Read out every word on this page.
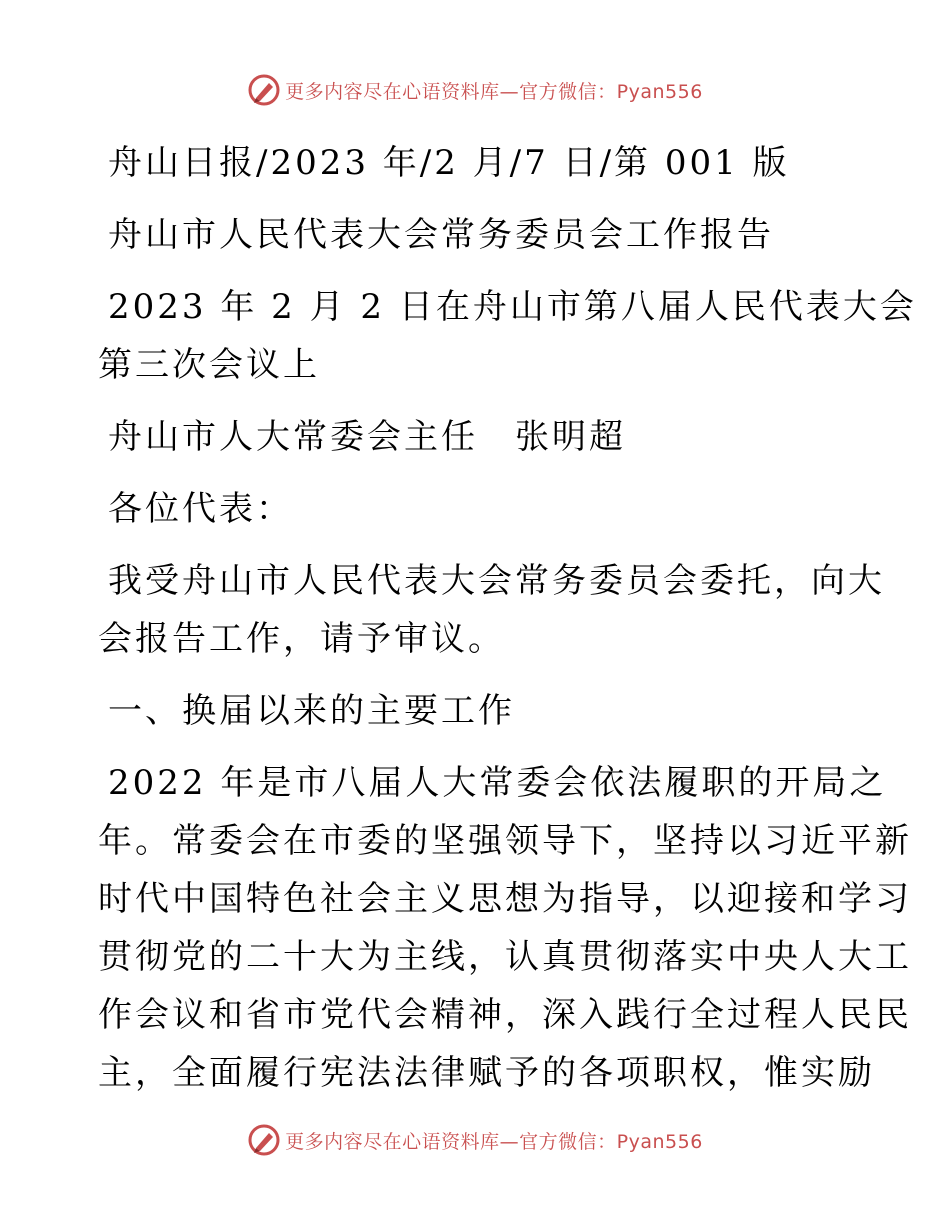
更多内容尽在心语资料库—官方微信：Pyan556

舟山日报/2023 年/2 月/7 日/第 001 版

舟山市人民代表大会常务委员会工作报告

2023 年 2 月 2 日在舟山市第八届人民代表大会

第三次会议上

舟山市人大常委会主任　张明超

各位代表：

我受舟山市人民代表大会常务委员会委托，向大

会报告工作，请予审议。

一、换届以来的主要工作

2022 年是市八届人大常委会依法履职的开局之

年。常委会在市委的坚强领导下，坚持以习近平新

时代中国特色社会主义思想为指导，以迎接和学习

贯彻党的二十大为主线，认真贯彻落实中央人大工

作会议和省市党代会精神，深入践行全过程人民民

主，全面履行宪法法律赋予的各项职权，惟实励

更多内容尽在心语资料库—官方微信：Pyan556
